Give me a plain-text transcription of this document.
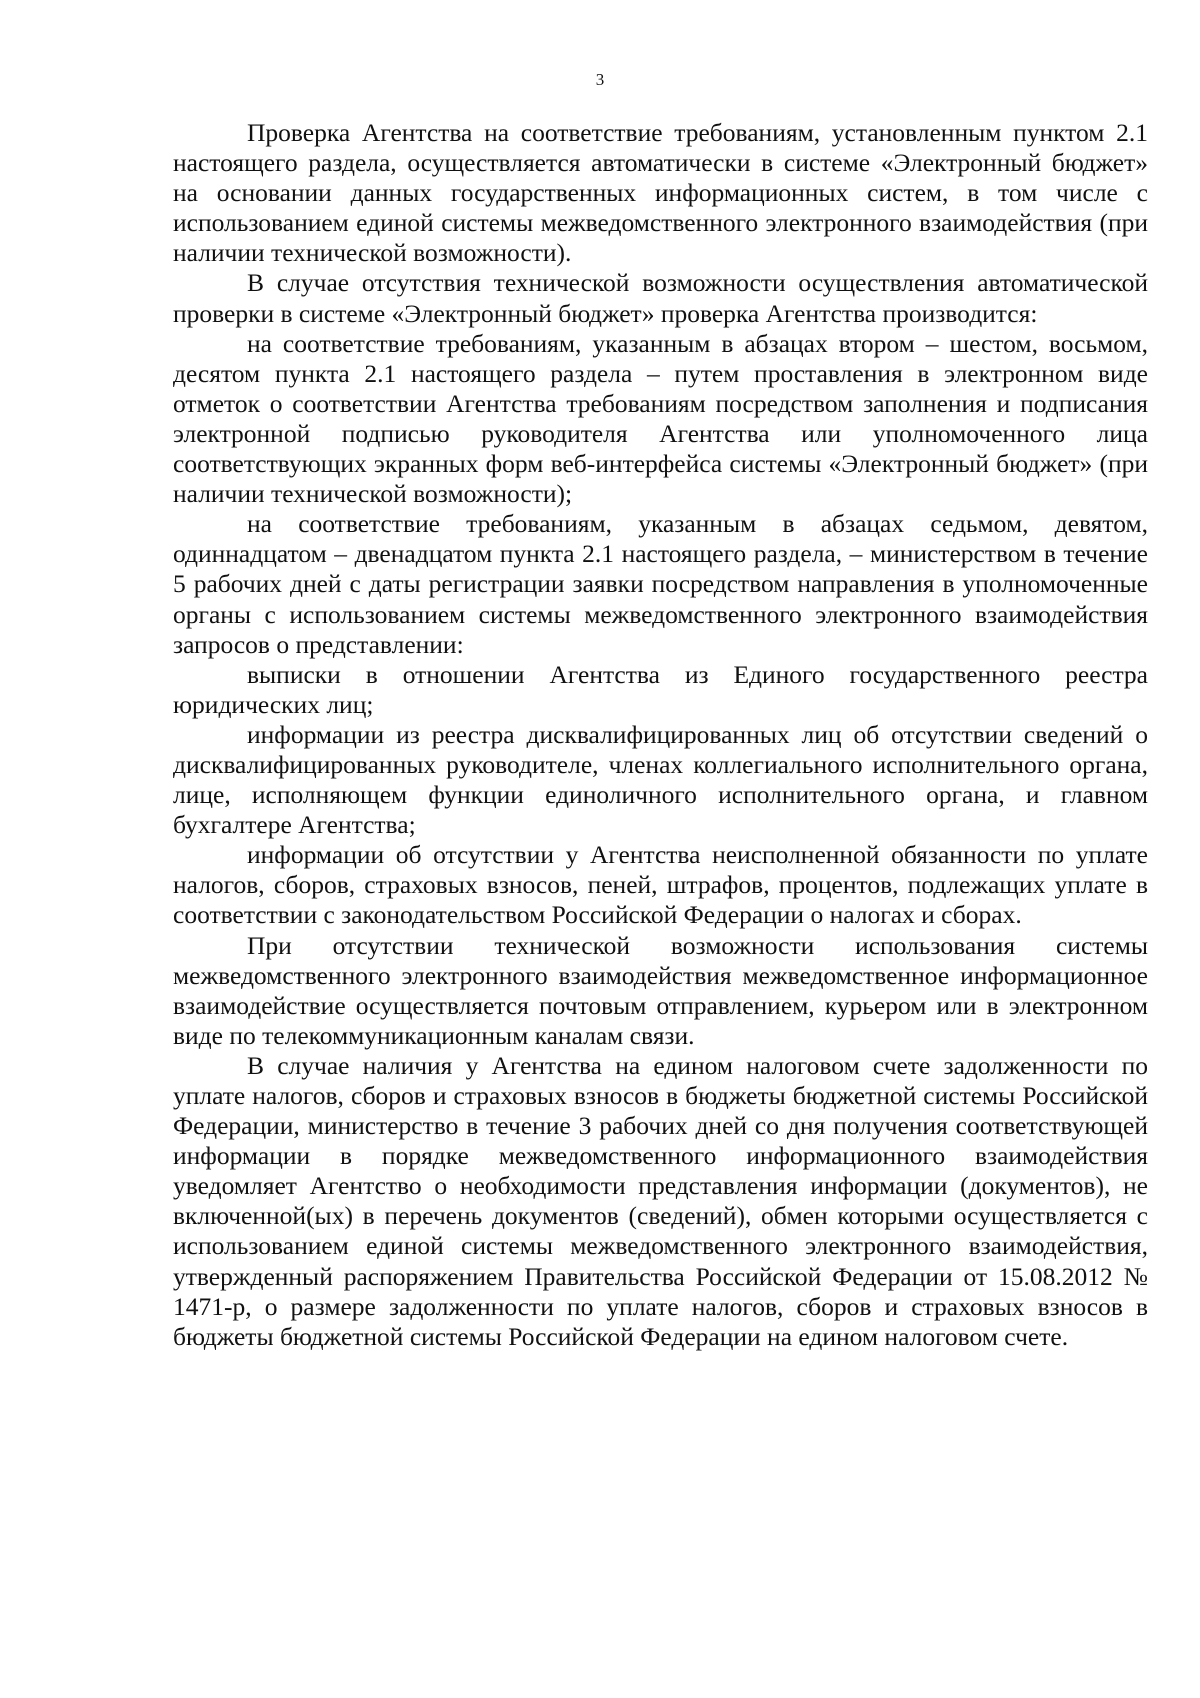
3

Проверка Агентства на соответствие требованиям, установленным пунктом 2.1 настоящего раздела, осуществляется автоматически в системе «Электронный бюджет» на основании данных государственных информационных систем, в том числе с использованием единой системы межведомственного электронного взаимодействия (при наличии технической возможности).

В случае отсутствия технической возможности осуществления автоматической проверки в системе «Электронный бюджет» проверка Агентства производится:

на соответствие требованиям, указанным в абзацах втором – шестом, восьмом, десятом пункта 2.1 настоящего раздела – путем проставления в электронном виде отметок о соответствии Агентства требованиям посредством заполнения и подписания электронной подписью руководителя Агентства или уполномоченного лица соответствующих экранных форм веб-интерфейса системы «Электронный бюджет» (при наличии технической возможности);

на соответствие требованиям, указанным в абзацах седьмом, девятом, одиннадцатом – двенадцатом пункта 2.1 настоящего раздела, – министерством в течение 5 рабочих дней с даты регистрации заявки посредством направления в уполномоченные органы с использованием системы межведомственного электронного взаимодействия запросов о представлении:

выписки в отношении Агентства из Единого государственного реестра юридических лиц;

информации из реестра дисквалифицированных лиц об отсутствии сведений о дисквалифицированных руководителе, членах коллегиального исполнительного органа, лице, исполняющем функции единоличного исполнительного органа, и главном бухгалтере Агентства;

информации об отсутствии у Агентства неисполненной обязанности по уплате налогов, сборов, страховых взносов, пеней, штрафов, процентов, подлежащих уплате в соответствии с законодательством Российской Федерации о налогах и сборах.

При отсутствии технической возможности использования системы межведомственного электронного взаимодействия межведомственное информационное взаимодействие осуществляется почтовым отправлением, курьером или в электронном виде по телекоммуникационным каналам связи.

В случае наличия у Агентства на едином налоговом счете задолженности по уплате налогов, сборов и страховых взносов в бюджеты бюджетной системы Российской Федерации, министерство в течение 3 рабочих дней со дня получения соответствующей информации в порядке межведомственного информационного взаимодействия уведомляет Агентство о необходимости представления информации (документов), не включенной(ых) в перечень документов (сведений), обмен которыми осуществляется с использованием единой системы межведомственного электронного взаимодействия, утвержденный распоряжением Правительства Российской Федерации от 15.08.2012 № 1471-р, о размере задолженности по уплате налогов, сборов и страховых взносов в бюджеты бюджетной системы Российской Федерации на едином налоговом счете.
